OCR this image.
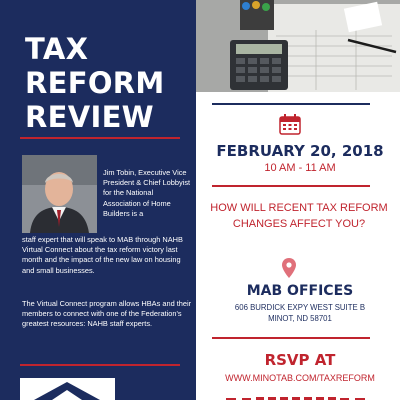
TAX
REFORM
REVIEW
Jim Tobin, Executive Vice President & Chief Lobbyist for the National Association of Home Builders is a
staff expert that will speak to MAB through NAHB Virtual Connect about the tax reform victory last month and the impact of the new law on housing and small businesses.
The Virtual Connect program allows HBAs and their members to connect with one of the Federation's greatest resources: NAHB staff experts.
FEBRUARY 20, 2018
10 AM - 11 AM
HOW WILL RECENT TAX REFORM CHANGES AFFECT YOU?
MAB OFFICES
606 BURDICK EXPY WEST SUITE B
MINOT, ND 58701
RSVP AT
WWW.MINOTAB.COM/TAXREFORM
